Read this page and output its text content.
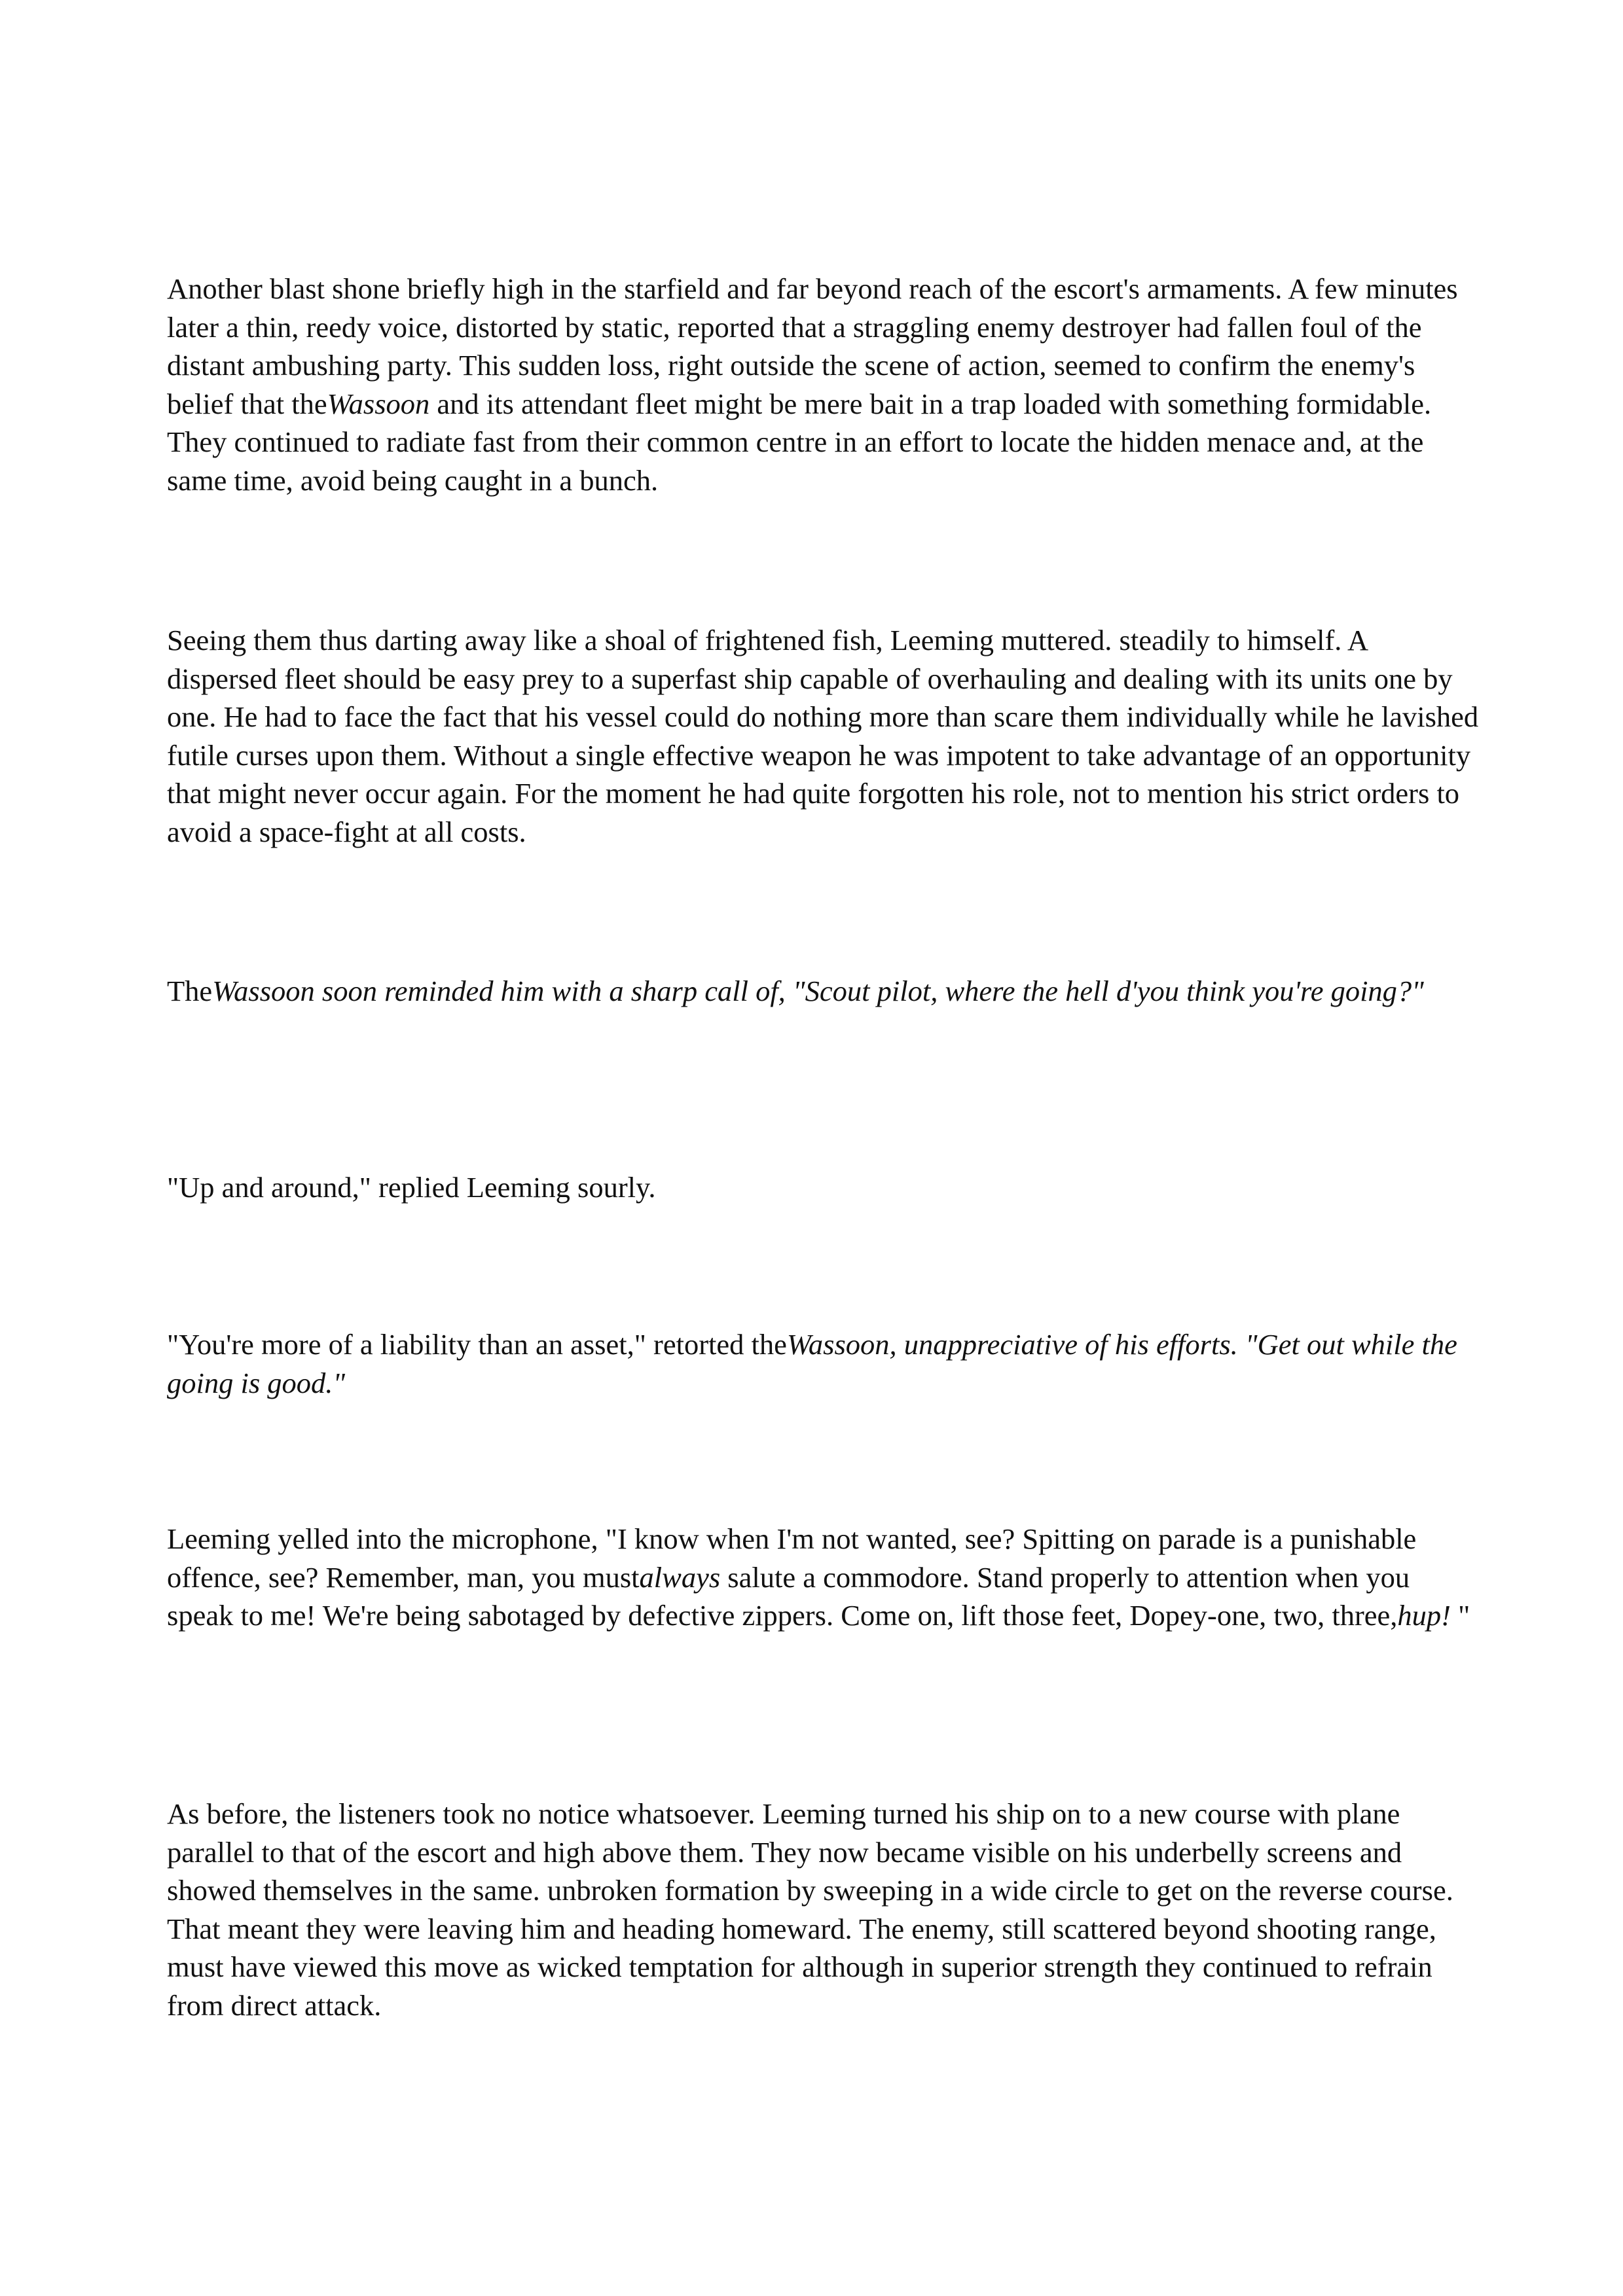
Another blast shone briefly high in the starfield and far beyond reach of the escort's armaments. A few minutes later a thin, reedy voice, distorted by static, reported that a straggling enemy destroyer had fallen foul of the distant ambushing party. This sudden loss, right outside the scene of action, seemed to confirm the enemy's belief that theWassoon and its attendant fleet might be mere bait in a trap loaded with something formidable. They continued to radiate fast from their common centre in an effort to locate the hidden menace and, at the same time, avoid being caught in a bunch.

Seeing them thus darting away like a shoal of frightened fish, Leeming muttered. steadily to himself. A dispersed fleet should be easy prey to a superfast ship capable of overhauling and dealing with its units one by one. He had to face the fact that his vessel could do nothing more than scare them individually while he lavished futile curses upon them. Without a single effective weapon he was impotent to take advantage of an opportunity that might never occur again. For the moment he had quite forgotten his role, not to mention his strict orders to avoid a space-fight at all costs.

TheWassoon soon reminded him with a sharp call of, "Scout pilot, where the hell d'you think you're going?"

"Up and around," replied Leeming sourly.

"You're more of a liability than an asset," retorted theWassoon, unappreciative of his efforts. "Get out while the going is good."

Leeming yelled into the microphone, "I know when I'm not wanted, see? Spitting on parade is a punishable offence, see? Remember, man, you mustalways salute a commodore. Stand properly to attention when you speak to me! We're being sabotaged by defective zippers. Come on, lift those feet, Dopey-one, two, three,hup! "

As before, the listeners took no notice whatsoever. Leeming turned his ship on to a new course with plane parallel to that of the escort and high above them. They now became visible on his underbelly screens and showed themselves in the same. unbroken formation by sweeping in a wide circle to get on the reverse course. That meant they were leaving him and heading homeward. The enemy, still scattered beyond shooting range, must have viewed this move as wicked temptation for although in superior strength they continued to refrain from direct attack.
